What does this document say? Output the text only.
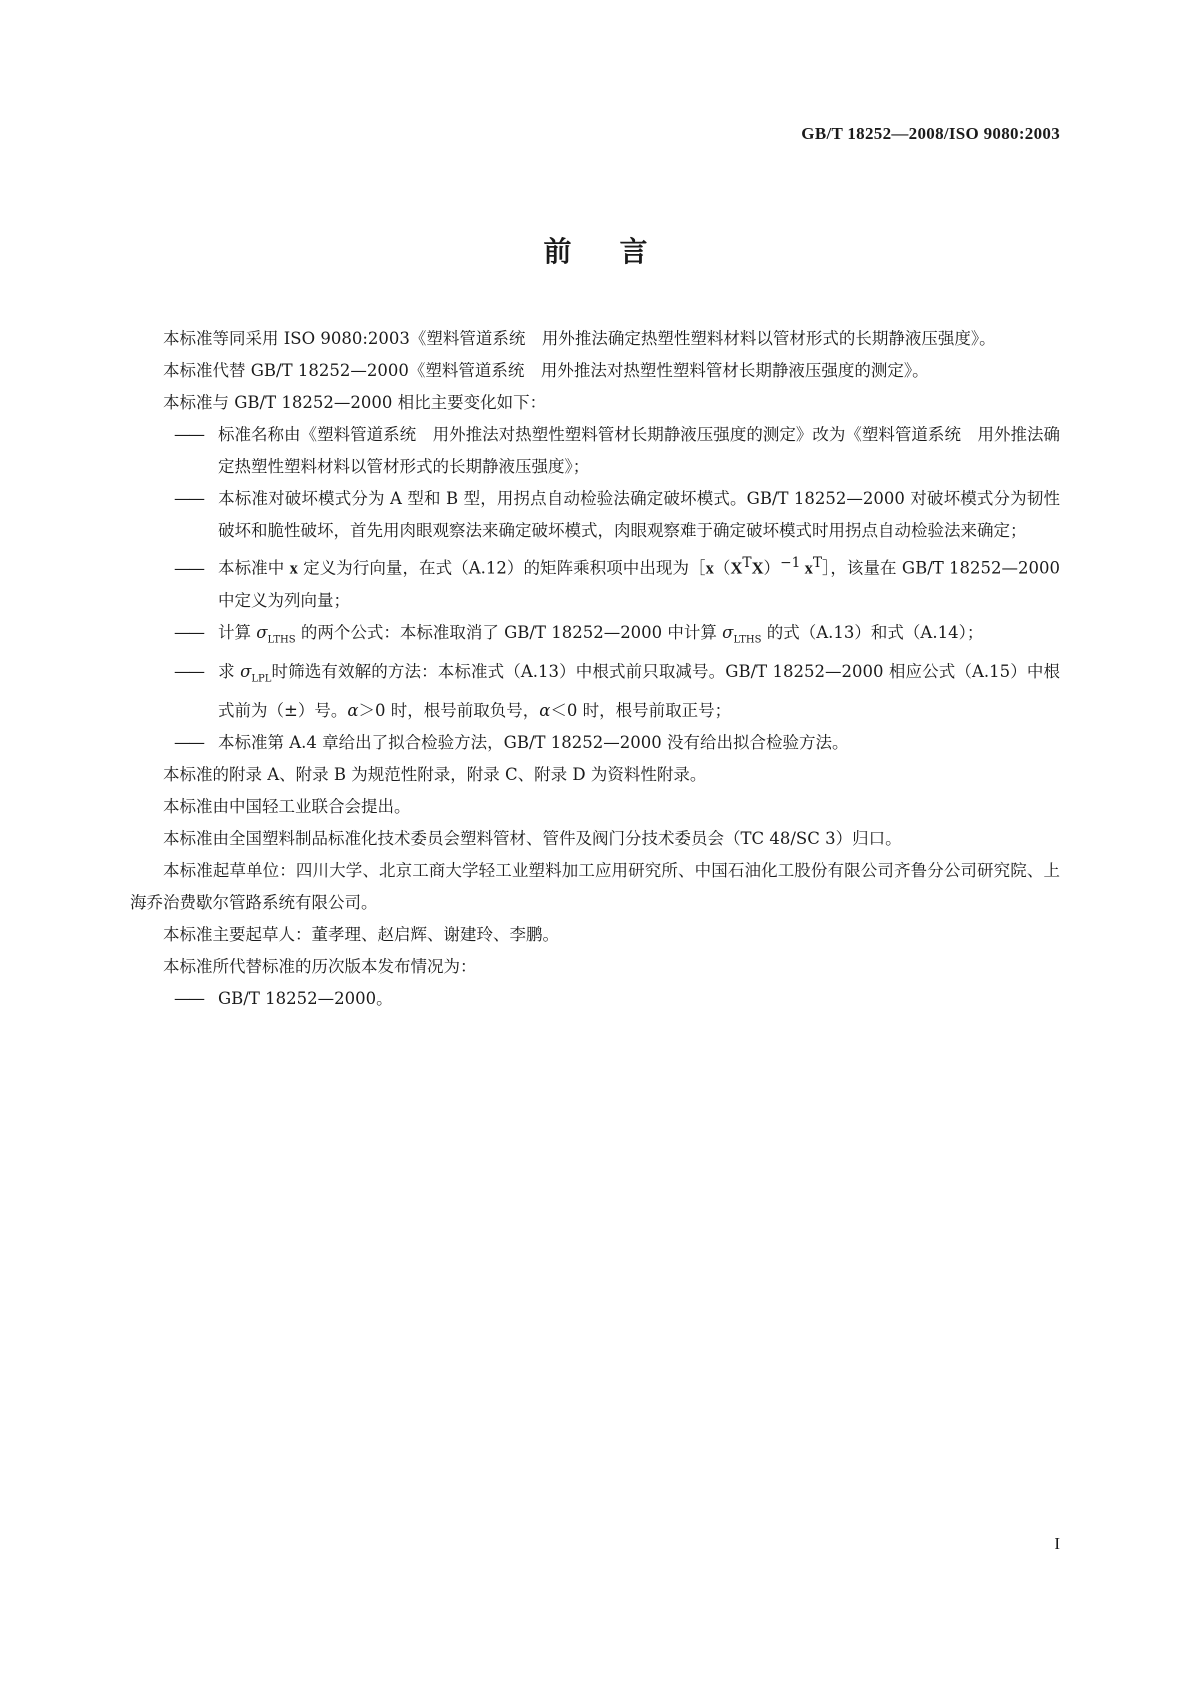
GB/T 18252—2008/ISO 9080:2003
前言

本标准等同采用 ISO 9080:2003《塑料管道系统　用外推法确定热塑性塑料材料以管材形式的长期静液压强度》。

本标准代替 GB/T 18252—2000《塑料管道系统　用外推法对热塑性塑料管材长期静液压强度的测定》。

本标准与 GB/T 18252—2000 相比主要变化如下：

—— 标准名称由《塑料管道系统　用外推法对热塑性塑料管材长期静液压强度的测定》改为《塑料管道系统　用外推法确定热塑性塑料材料以管材形式的长期静液压强度》；

—— 本标准对破坏模式分为 A 型和 B 型，用拐点自动检验法确定破坏模式。GB/T 18252—2000 对破坏模式分为韧性破坏和脆性破坏，首先用肉眼观察法来确定破坏模式，肉眼观察难于确定破坏模式时用拐点自动检验法来确定；

—— 本标准中 x 定义为行向量，在式（A.12）的矩阵乘积项中出现为$[x(X^TX)^{-1}$ $x^T]$，该量在 GB/T 18252—2000 中定义为列向量；

—— 计算 $\sigma_{LTHS}$ 的两个公式：本标准取消了 GB/T 18252—2000 中计算 $\sigma_{LTHS}$ 的式（A.13）和式（A.14）；

—— 求 $\sigma_{LPL}$时筛选有效解的方法：本标准式（A.13）中根式前只取减号。GB/T 18252—2000 相应公式（A.15）中根式前为（±）号。α＞0 时，根号前取负号，α＜0 时，根号前取正号；

—— 本标准第 A.4 章给出了拟合检验方法，GB/T 18252—2000 没有给出拟合检验方法。

本标准的附录 A、附录 B 为规范性附录，附录 C、附录 D 为资料性附录。

本标准由中国轻工业联合会提出。

本标准由全国塑料制品标准化技术委员会塑料管材、管件及阀门分技术委员会（TC 48/SC 3）归口。

本标准起草单位：四川大学、北京工商大学轻工业塑料加工应用研究所、中国石油化工股份有限公司齐鲁分公司研究院、上海乔治费歇尔管路系统有限公司。

本标准主要起草人：董孝理、赵启辉、谢建玲、李鹏。

本标准所代替标准的历次版本发布情况为：

—— GB/T 18252—2000。

I
